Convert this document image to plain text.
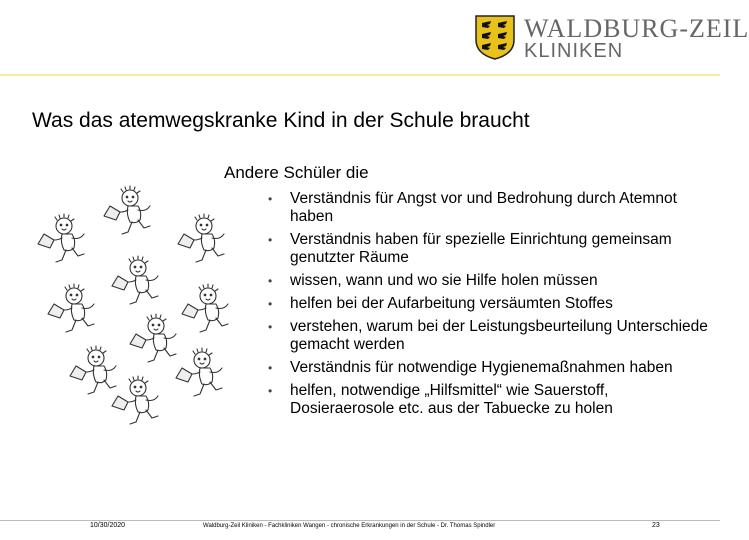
WALDBURG-ZEIL
KLINIKEN
Was das atemwegskranke Kind in der Schule braucht
Andere Schüler die
• Verständnis für Angst vor und Bedrohung durch Atemnot haben
• Verständnis haben für spezielle Einrichtung gemeinsam genutzter Räume
• wissen, wann und wo sie Hilfe holen müssen
• helfen bei der Aufarbeitung versäumten Stoffes
• verstehen, warum bei der Leistungsbeurteilung Unterschiede gemacht werden
• Verständnis für notwendige Hygienemaßnahmen haben
• helfen, notwendige „Hilfsmittel“ wie Sauerstoff, Dosieraerosole etc. aus der Tabuecke zu holen
10/30/2020	Waldburg-Zeil Kliniken - Fachkliniken Wangen - chronische Erkrankungen in der Schule - Dr. Thomas Spindler	23
